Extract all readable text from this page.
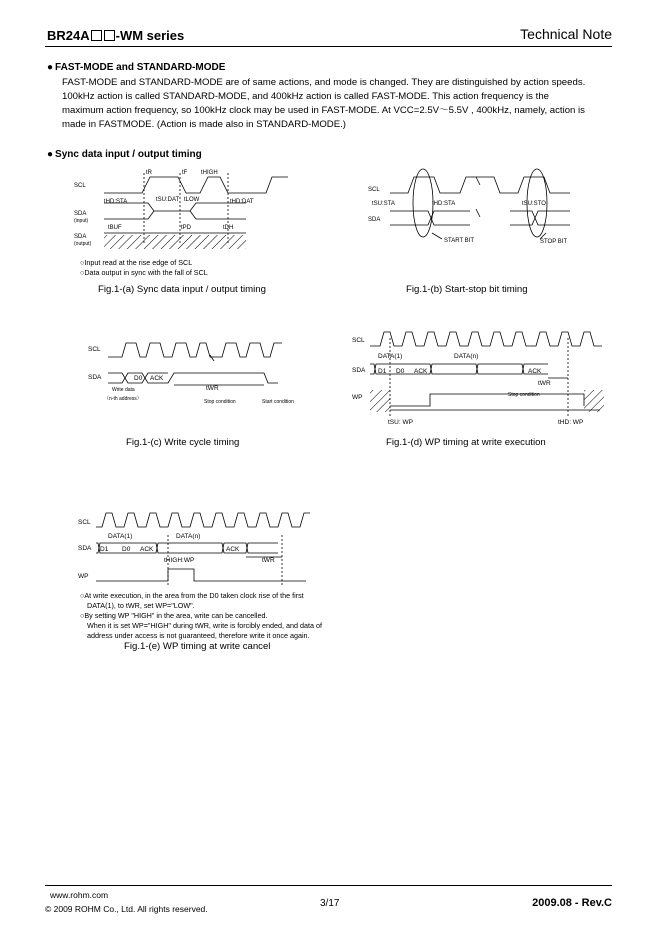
BR24A -WM series	Technical Note
● FAST-MODE and STANDARD-MODE
FAST-MODE and STANDARD-MODE are of same actions, and mode is changed. They are distinguished by action speeds.
100kHz action is called STANDARD-MODE, and 400kHz action is called FAST-MODE. This action frequency is the
maximum action frequency, so 100kHz clock may be used in FAST-MODE. At VCC=2.5V～5.5V , 400kHz, namely, action is
made in FASTMODE. (Action is made also in STANDARD-MODE.)
● Sync data input / output timing
SCL
SDA
(input)
SDA
(output)
tR	tF tHIGH
tHD:STA	tSU:DAT tLOW	tHD:DAT
tBUF	tPD	tDH
○Input read at the rise edge of SCL
○Data output in sync with the fall of SCL
Fig.1-(a) Sync data input / output timing
SCL
SDA
tSU:STA	tHD:STA	tSU:STO
START BIT	STOP BIT
Fig.1-(b) Start-stop bit timing
SCL
SDA	D0 ACK
tWR
Write data
（n-th address）	Stop condition	Start condition
Fig.1-(c) Write cycle timing
SCL
SDA
WP
DATA(1)	DATA(n)
D1 D0 ACK	ACK
tWR
Stop condition
tSU: WP	tHD: WP
Fig.1-(d) WP timing at write execution
SCL
SDA
WP
DATA(1)	DATA(n)
D1 D0 ACK	ACK
tHIGH:WP	tWR
○At write execution, in the area from the D0 taken clock rise of the first
DATA(1), to tWR, set WP="LOW".
○By setting WP "HIGH" in the area, write can be cancelled.
When it is set WP="HIGH" during tWR, write is forcibly ended, and data of
address under access is not guaranteed, therefore write it once again.
Fig.1-(e) WP timing at write cancel
www.rohm.com
© 2009 ROHM Co., Ltd. All rights reserved.	3/17	2009.08 - Rev.C
